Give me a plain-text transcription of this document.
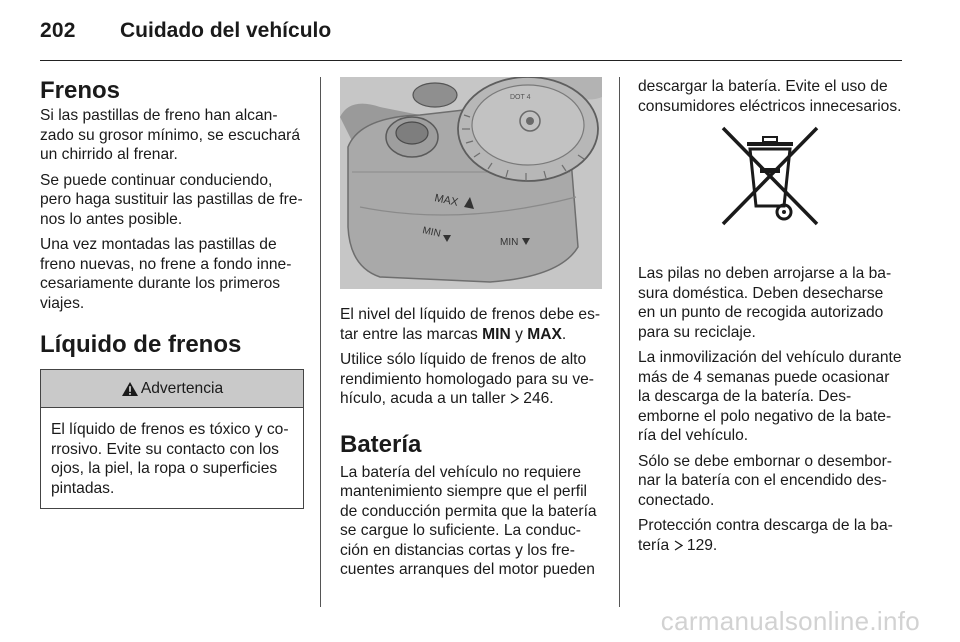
202 Cuidado del vehículo
Frenos

Si las pastillas de freno han alcanzado su grosor mínimo, se escuchará un chirrido al frenar.

Se puede continuar conduciendo, pero haga sustituir las pastillas de frenos lo antes posible.

Una vez montadas las pastillas de freno nuevas, no frene a fondo innecesariamente durante los primeros viajes.

Líquido de frenos
Advertencia
El líquido de frenos es tóxico y corrosivo. Evite su contacto con los ojos, la piel, la ropa o superficies pintadas.
DOT 4
MAX
MIN
MIN

El nivel del líquido de frenos debe estar entre las marcas MIN y MAX.

Utilice sólo líquido de frenos de alto rendimiento homologado para su vehículo, acuda a un taller 246.

Batería

La batería del vehículo no requiere mantenimiento siempre que el perfil de conducción permita que la batería se cargue lo suficiente. La conducción en distancias cortas y los frecuentes arranques del motor pueden

descargar la batería. Evite el uso de consumidores eléctricos innecesarios.

Las pilas no deben arrojarse a la basura doméstica. Deben desecharse en un punto de recogida autorizado para su reciclaje.

La inmovilización del vehículo durante más de 4 semanas puede ocasionar la descarga de la batería. Desemborne el polo negativo de la batería del vehículo.

Sólo se debe embornar o desembornar la batería con el encendido desconectado.

Protección contra descarga de la batería 129.

carmanualsonline.info
